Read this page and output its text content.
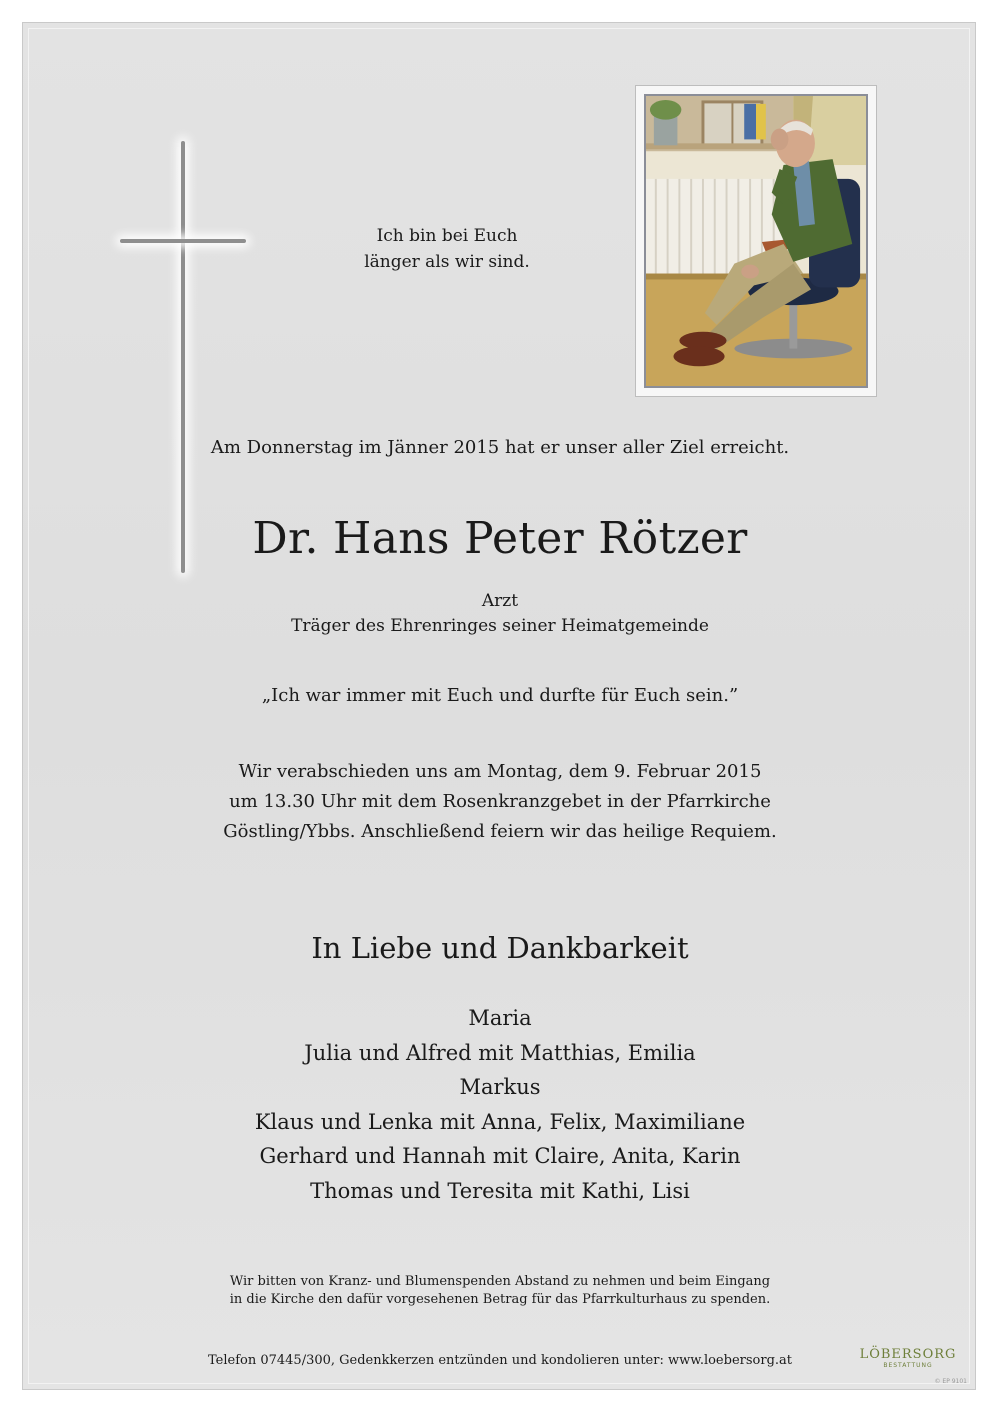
Ich bin bei Euch
länger als wir sind.
Am Donnerstag im Jänner 2015 hat er unser aller Ziel erreicht.
Dr. Hans Peter Rötzer
Arzt
Träger des Ehrenringes seiner Heimatgemeinde
„Ich war immer mit Euch und durfte für Euch sein.”
Wir verabschieden uns am Montag, dem 9. Februar 2015
um 13.30 Uhr mit dem Rosenkranzgebet in der Pfarrkirche
Göstling/Ybbs. Anschließend feiern wir das heilige Requiem.
In Liebe und Dankbarkeit
Maria
Julia und Alfred mit Matthias, Emilia
Markus
Klaus und Lenka mit Anna, Felix, Maximiliane
Gerhard und Hannah mit Claire, Anita, Karin
Thomas und Teresita mit Kathi, Lisi
Wir bitten von Kranz- und Blumenspenden Abstand zu nehmen und beim Eingang
in die Kirche den dafür vorgesehenen Betrag für das Pfarrkulturhaus zu spenden.
Telefon 07445/300, Gedenkkerzen entzünden und kondolieren unter: www.loebersorg.at	LÖBERSORG
BESTATTUNG
© EP 9101
